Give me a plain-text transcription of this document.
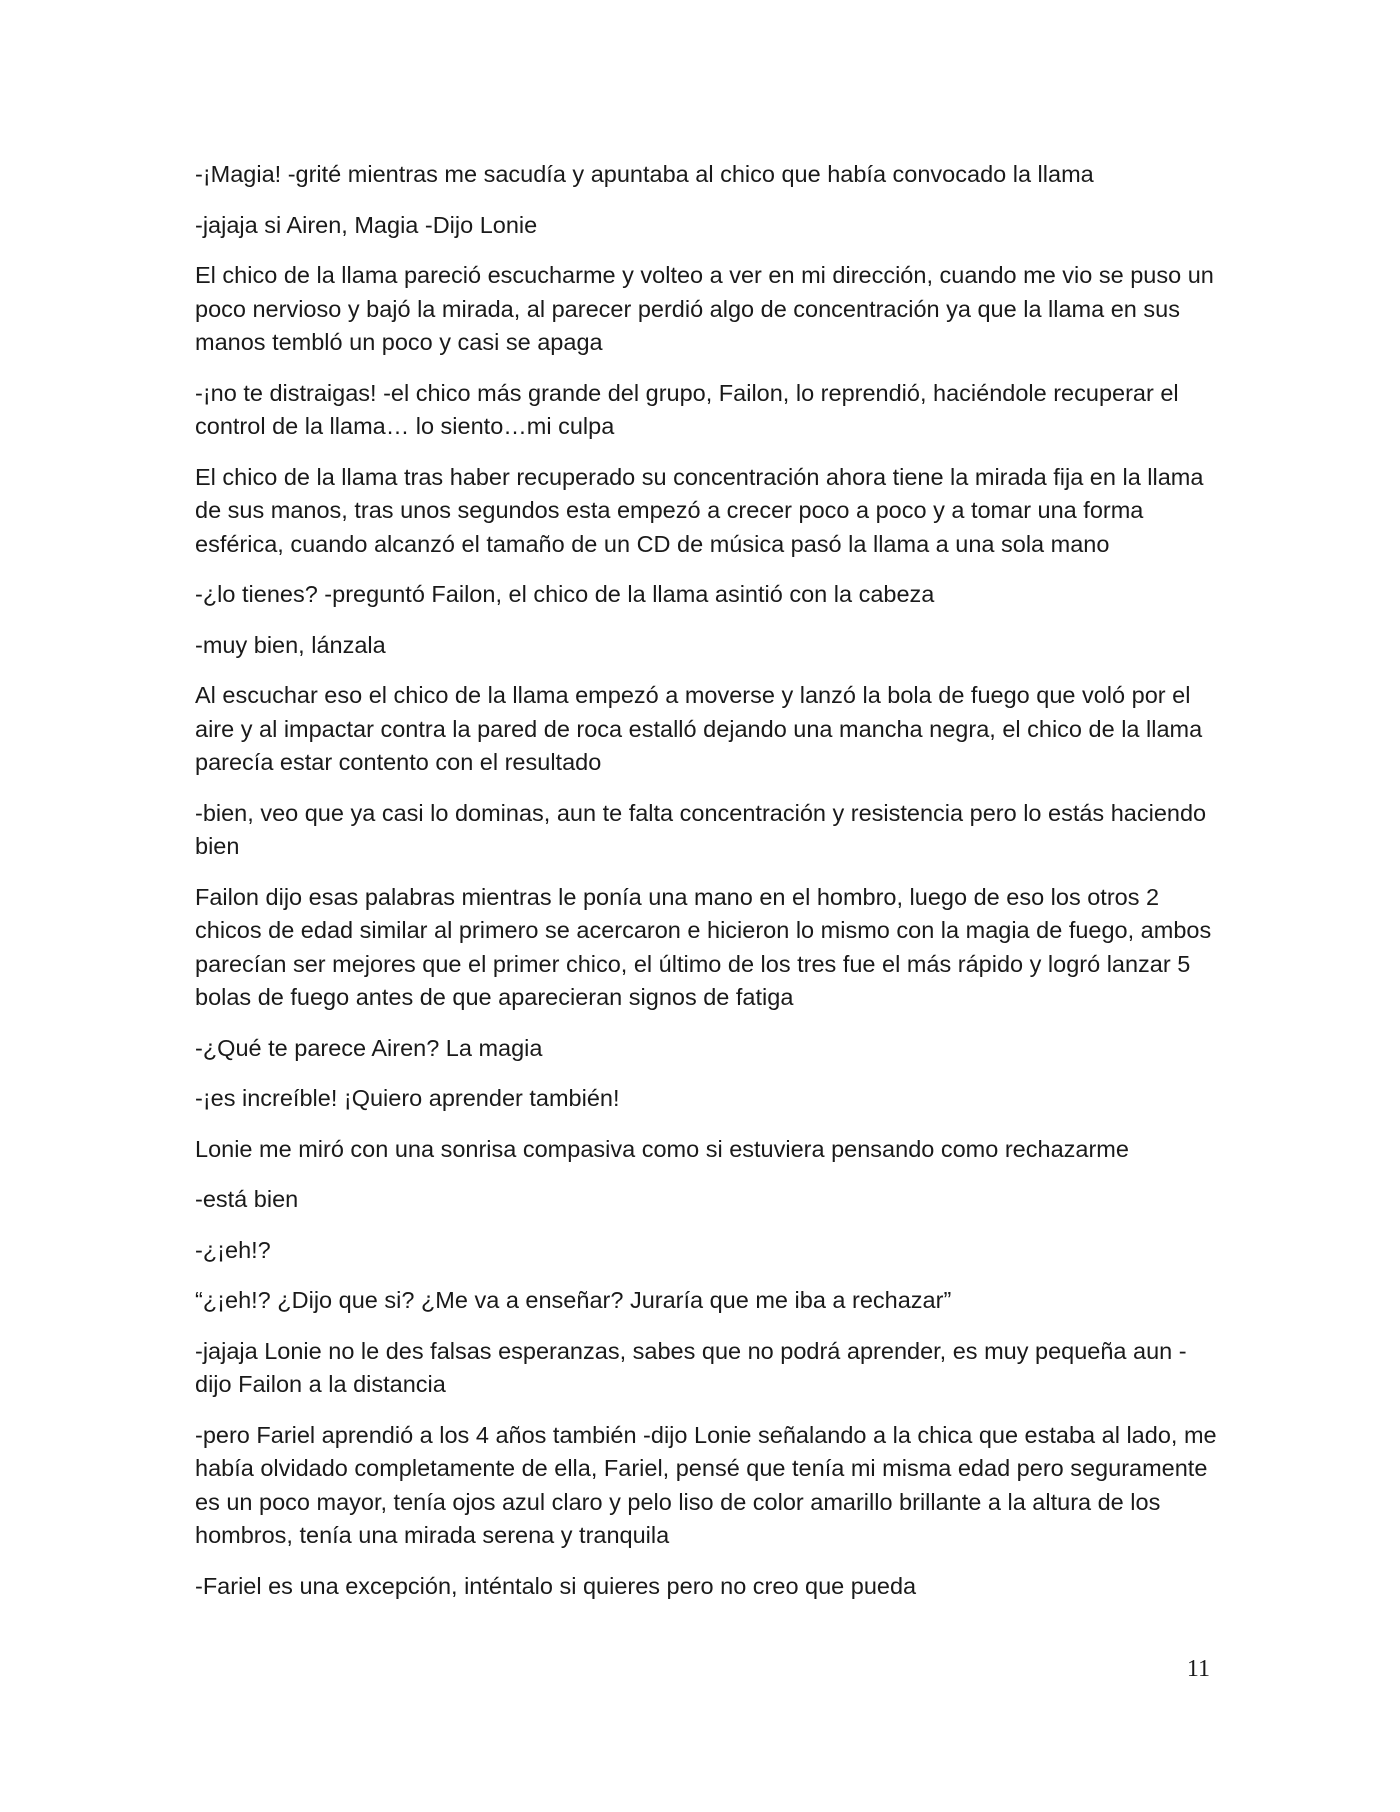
-¡Magia! -grité mientras me sacudía y apuntaba al chico que había convocado la llama

-jajaja si Airen, Magia -Dijo Lonie

El chico de la llama pareció escucharme y volteo a ver en mi dirección, cuando me vio se puso un poco nervioso y bajó la mirada, al parecer perdió algo de concentración ya que la llama en sus manos tembló un poco y casi se apaga

-¡no te distraigas! -el chico más grande del grupo, Failon, lo reprendió, haciéndole recuperar el control de la llama… lo siento…mi culpa

El chico de la llama tras haber recuperado su concentración ahora tiene la mirada fija en la llama de sus manos, tras unos segundos esta empezó a crecer poco a poco y a tomar una forma esférica, cuando alcanzó el tamaño de un CD de música pasó la llama a una sola mano

-¿lo tienes? -preguntó Failon, el chico de la llama asintió con la cabeza

-muy bien, lánzala

Al escuchar eso el chico de la llama empezó a moverse y lanzó la bola de fuego que voló por el aire y al impactar contra la pared de roca estalló dejando una mancha negra, el chico de la llama parecía estar contento con el resultado

-bien, veo que ya casi lo dominas, aun te falta concentración y resistencia pero lo estás haciendo bien

Failon dijo esas palabras mientras le ponía una mano en el hombro, luego de eso los otros 2 chicos de edad similar al primero se acercaron e hicieron lo mismo con la magia de fuego, ambos parecían ser mejores que el primer chico, el último de los tres fue el más rápido y logró lanzar 5 bolas de fuego antes de que aparecieran signos de fatiga

-¿Qué te parece Airen? La magia

-¡es increíble! ¡Quiero aprender también!

Lonie me miró con una sonrisa compasiva como si estuviera pensando como rechazarme

-está bien

-¿¡eh!?

“¿¡eh!? ¿Dijo que si? ¿Me va a enseñar? Juraría que me iba a rechazar”

-jajaja Lonie no le des falsas esperanzas, sabes que no podrá aprender, es muy pequeña aun -dijo Failon a la distancia

-pero Fariel aprendió a los 4 años también -dijo Lonie señalando a la chica que estaba al lado, me había olvidado completamente de ella, Fariel, pensé que tenía mi misma edad pero seguramente es un poco mayor, tenía ojos azul claro y pelo liso de color amarillo brillante a la altura de los hombros, tenía una mirada serena y tranquila

-Fariel es una excepción, inténtalo si quieres pero no creo que pueda

11
